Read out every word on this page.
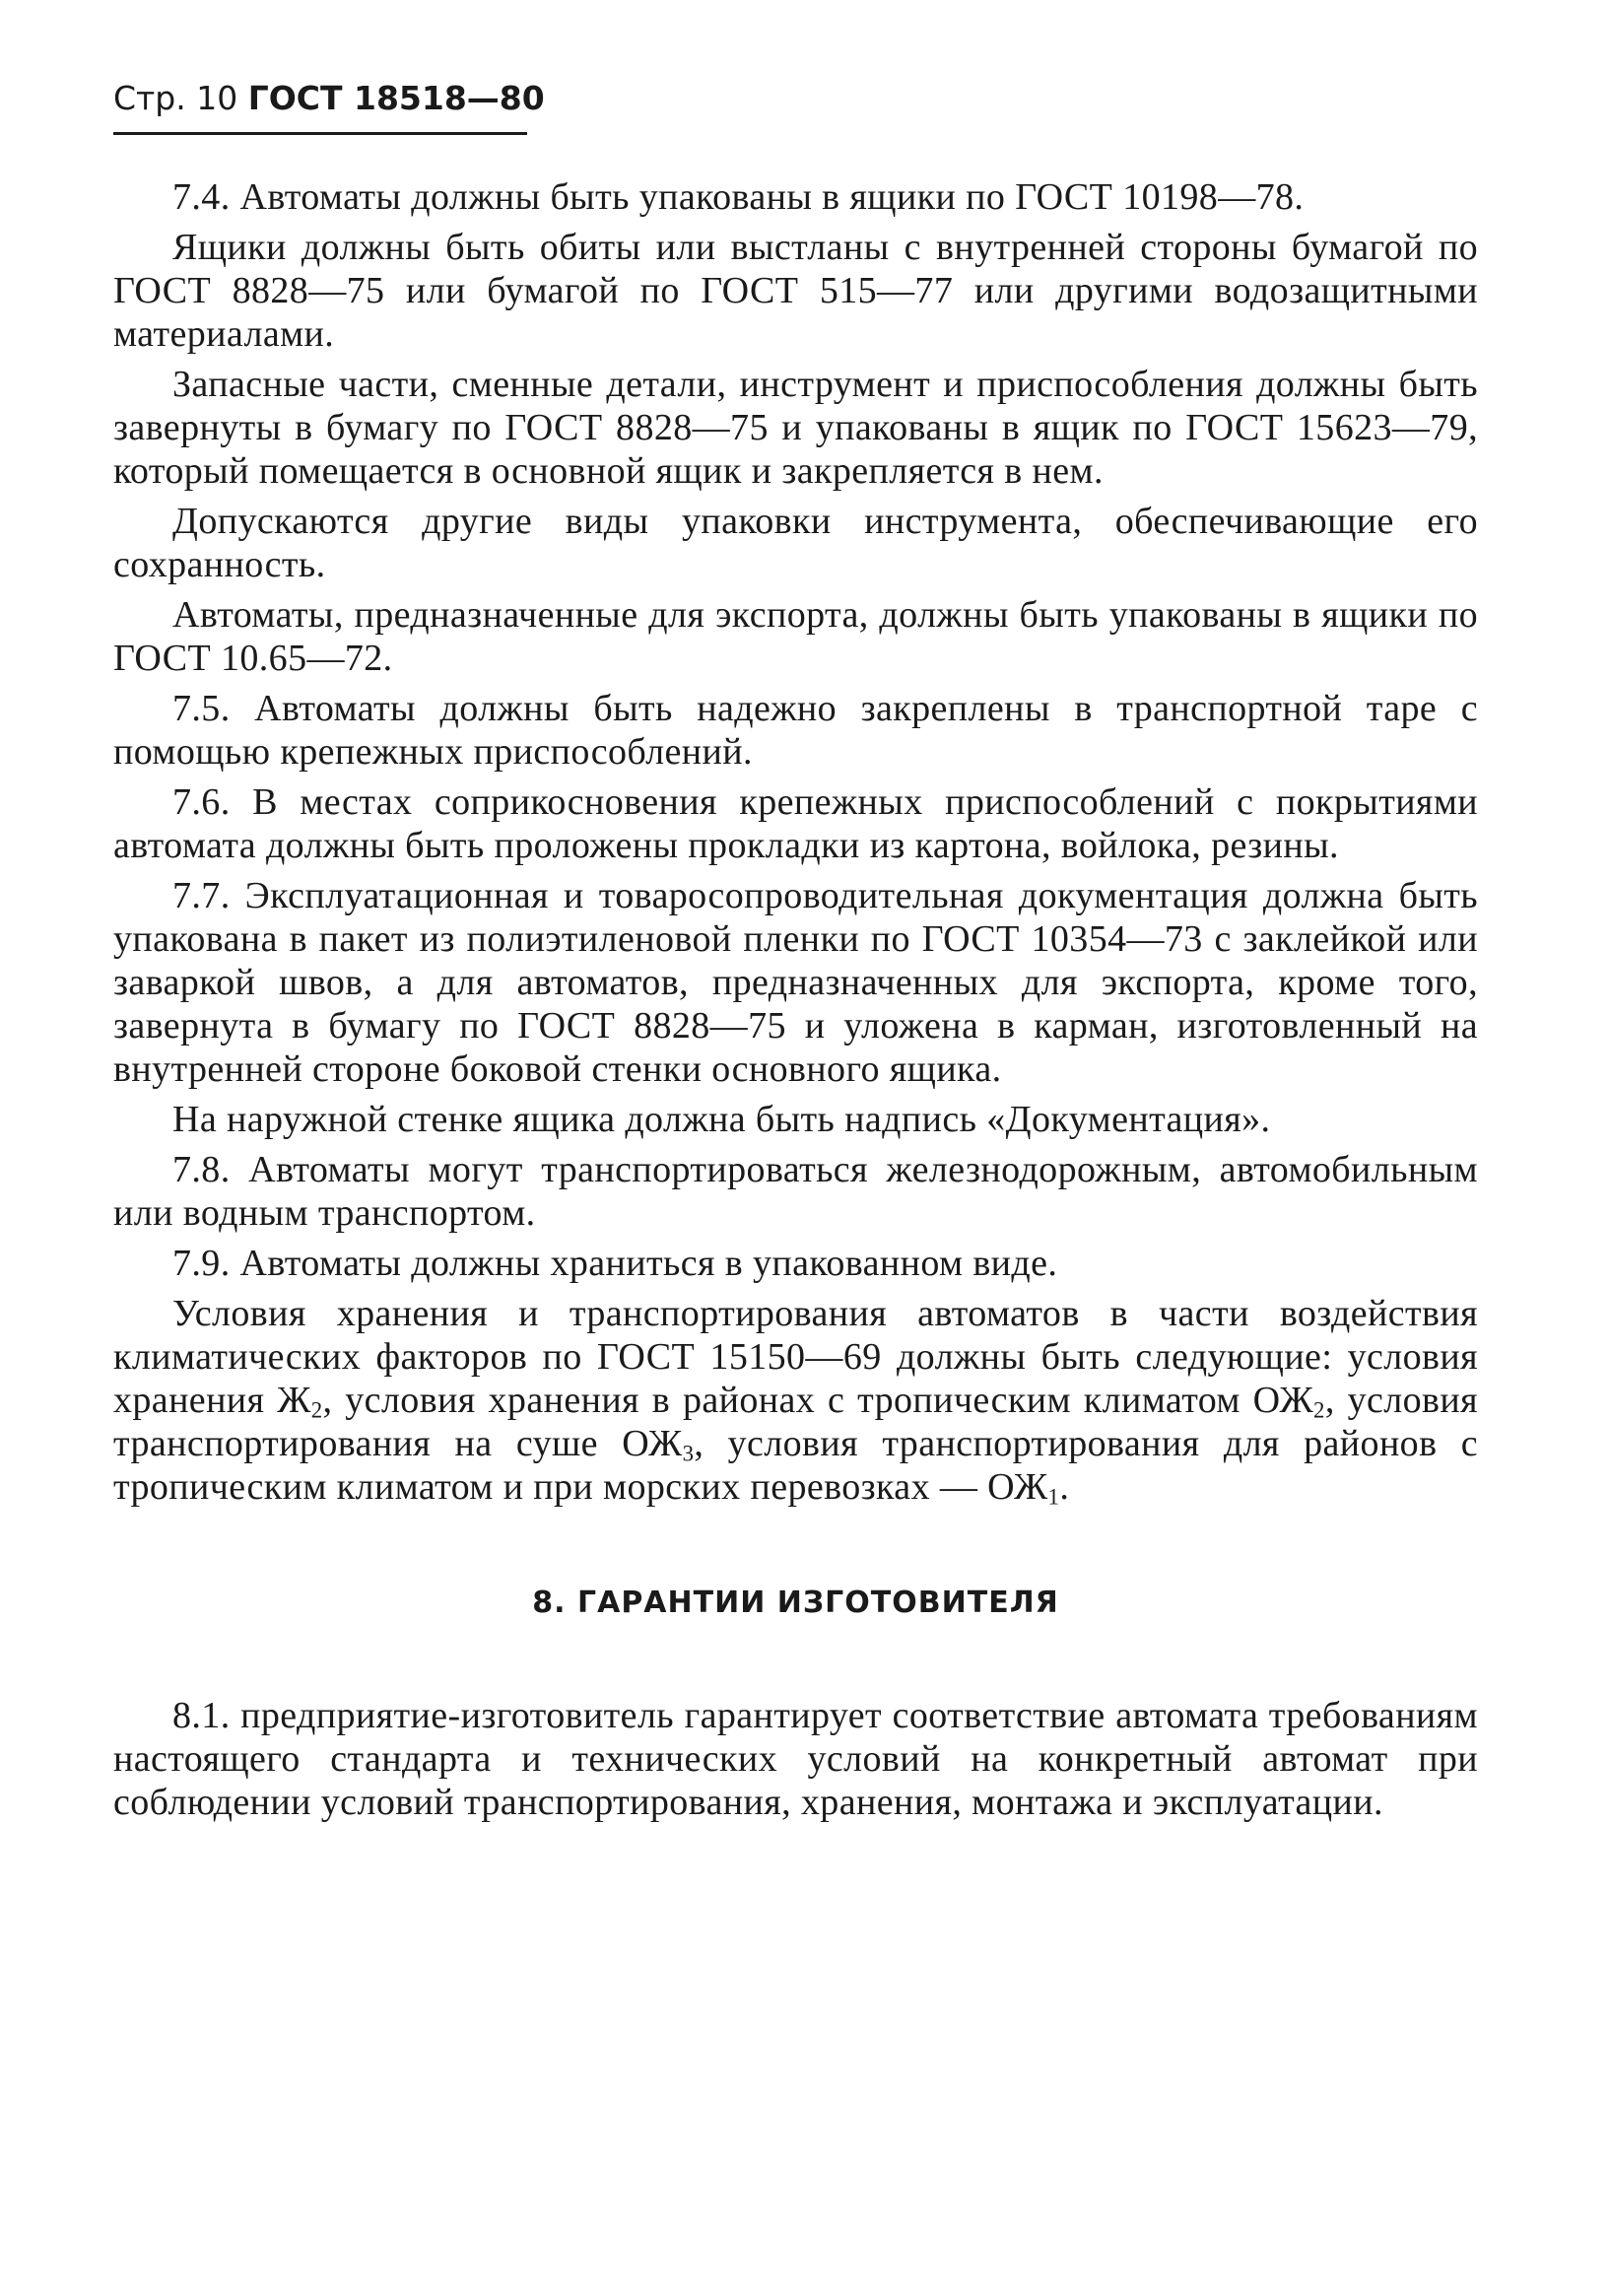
Стр. 10 ГОСТ 18518—80

7.4. Автоматы должны быть упакованы в ящики по ГОСТ 10198—78.

Ящики должны быть обиты или выстланы с внутренней стороны бумагой по ГОСТ 8828—75 или бумагой по ГОСТ 515—77 или другими водозащитными материалами.

Запасные части, сменные детали, инструмент и приспособления должны быть завернуты в бумагу по ГОСТ 8828—75 и упакованы в ящик по ГОСТ 15623—79, который помещается в основной ящик и закрепляется в нем.

Допускаются другие виды упаковки инструмента, обеспечивающие его сохранность.

Автоматы, предназначенные для экспорта, должны быть упакованы в ящики по ГОСТ 10.65—72.

7.5. Автоматы должны быть надежно закреплены в транспортной таре с помощью крепежных приспособлений.

7.6. В местах соприкосновения крепежных приспособлений с покрытиями автомата должны быть проложены прокладки из картона, войлока, резины.

7.7. Эксплуатационная и товаросопроводительная документация должна быть упакована в пакет из полиэтиленовой пленки по ГОСТ 10354—73 с заклейкой или заваркой швов, а для автоматов, предназначенных для экспорта, кроме того, завернута в бумагу по ГОСТ 8828—75 и уложена в карман, изготовленный на внутренней стороне боковой стенки основного ящика.

На наружной стенке ящика должна быть надпись «Документация».

7.8. Автоматы могут транспортироваться железнодорожным, автомобильным или водным транспортом.

7.9. Автоматы должны храниться в упакованном виде.

Условия хранения и транспортирования автоматов в части воздействия климатических факторов по ГОСТ 15150—69 должны быть следующие: условия хранения $Ж_2$, условия хранения в районах с тропическим климатом $ОЖ_2$, условия транспортирования на суше $ОЖ_3$, условия транспортирования для районов с тропическим климатом и при морских перевозках — $ОЖ_1$.

8. ГАРАНТИИ ИЗГОТОВИТЕЛЯ

8.1. предприятие-изготовитель гарантирует соответствие автомата требованиям настоящего стандарта и технических условий на конкретный автомат при соблюдении условий транспортирования, хранения, монтажа и эксплуатации.
